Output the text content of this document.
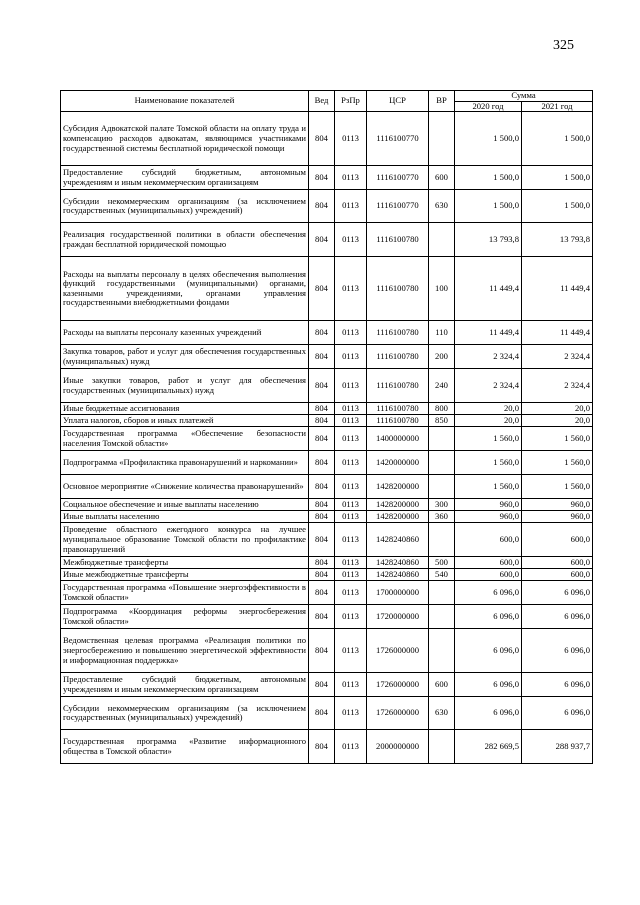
325
Наименование показателей	Вед	РзПр	ЦСР	ВР	Сумма	
					2020 год	2021 год
Субсидия Адвокатской палате Томской области на оплату труда и компенсацию расходов адвокатам, являющимся участниками государственной системы бесплатной юридической помощи	804	0113	1116100770		1 500,0	1 500,0
Предоставление субсидий бюджетным, автономным учреждениям и иным некоммерческим организациям	804	0113	1116100770	600	1 500,0	1 500,0
Субсидии некоммерческим организациям (за исключением государственных (муниципальных) учреждений)	804	0113	1116100770	630	1 500,0	1 500,0
Реализация государственной политики в области обеспечения граждан бесплатной юридической помощью	804	0113	1116100780		13 793,8	13 793,8
Расходы на выплаты персоналу в целях обеспечения выполнения функций государственными (муниципальными) органами, казенными учреждениями, органами управления государственными внебюджетными фондами	804	0113	1116100780	100	11 449,4	11 449,4
Расходы на выплаты персоналу казенных учреждений	804	0113	1116100780	110	11 449,4	11 449,4
Закупка товаров, работ и услуг для обеспечения государственных (муниципальных) нужд	804	0113	1116100780	200	2 324,4	2 324,4
Иные закупки товаров, работ и услуг для обеспечения государственных (муниципальных) нужд	804	0113	1116100780	240	2 324,4	2 324,4
Иные бюджетные ассигнования	804	0113	1116100780	800	20,0	20,0
Уплата налогов, сборов и иных платежей	804	0113	1116100780	850	20,0	20,0
Государственная программа «Обеспечение безопасности населения Томской области»	804	0113	1400000000		1 560,0	1 560,0
Подпрограмма «Профилактика правонарушений и наркомании»	804	0113	1420000000		1 560,0	1 560,0
Основное мероприятие «Снижение количества правонарушений»	804	0113	1428200000		1 560,0	1 560,0
Социальное обеспечение и иные выплаты населению	804	0113	1428200000	300	960,0	960,0
Иные выплаты населению	804	0113	1428200000	360	960,0	960,0
Проведение областного ежегодного конкурса на лучшее муниципальное образование Томской области по профилактике правонарушений	804	0113	1428240860		600,0	600,0
Межбюджетные трансферты	804	0113	1428240860	500	600,0	600,0
Иные межбюджетные трансферты	804	0113	1428240860	540	600,0	600,0
Государственная программа «Повышение энергоэффективности в Томской области»	804	0113	1700000000		6 096,0	6 096,0
Подпрограмма «Координация реформы энергосбережения Томской области»	804	0113	1720000000		6 096,0	6 096,0
Ведомственная целевая программа «Реализация политики по энергосбережению и повышению энергетической эффективности и информационная поддержка»	804	0113	1726000000		6 096,0	6 096,0
Предоставление субсидий бюджетным, автономным учреждениям и иным некоммерческим организациям	804	0113	1726000000	600	6 096,0	6 096,0
Субсидии некоммерческим организациям (за исключением государственных (муниципальных) учреждений)	804	0113	1726000000	630	6 096,0	6 096,0
Государственная программа «Развитие информационного общества в Томской области»	804	0113	2000000000		282 669,5	288 937,7
